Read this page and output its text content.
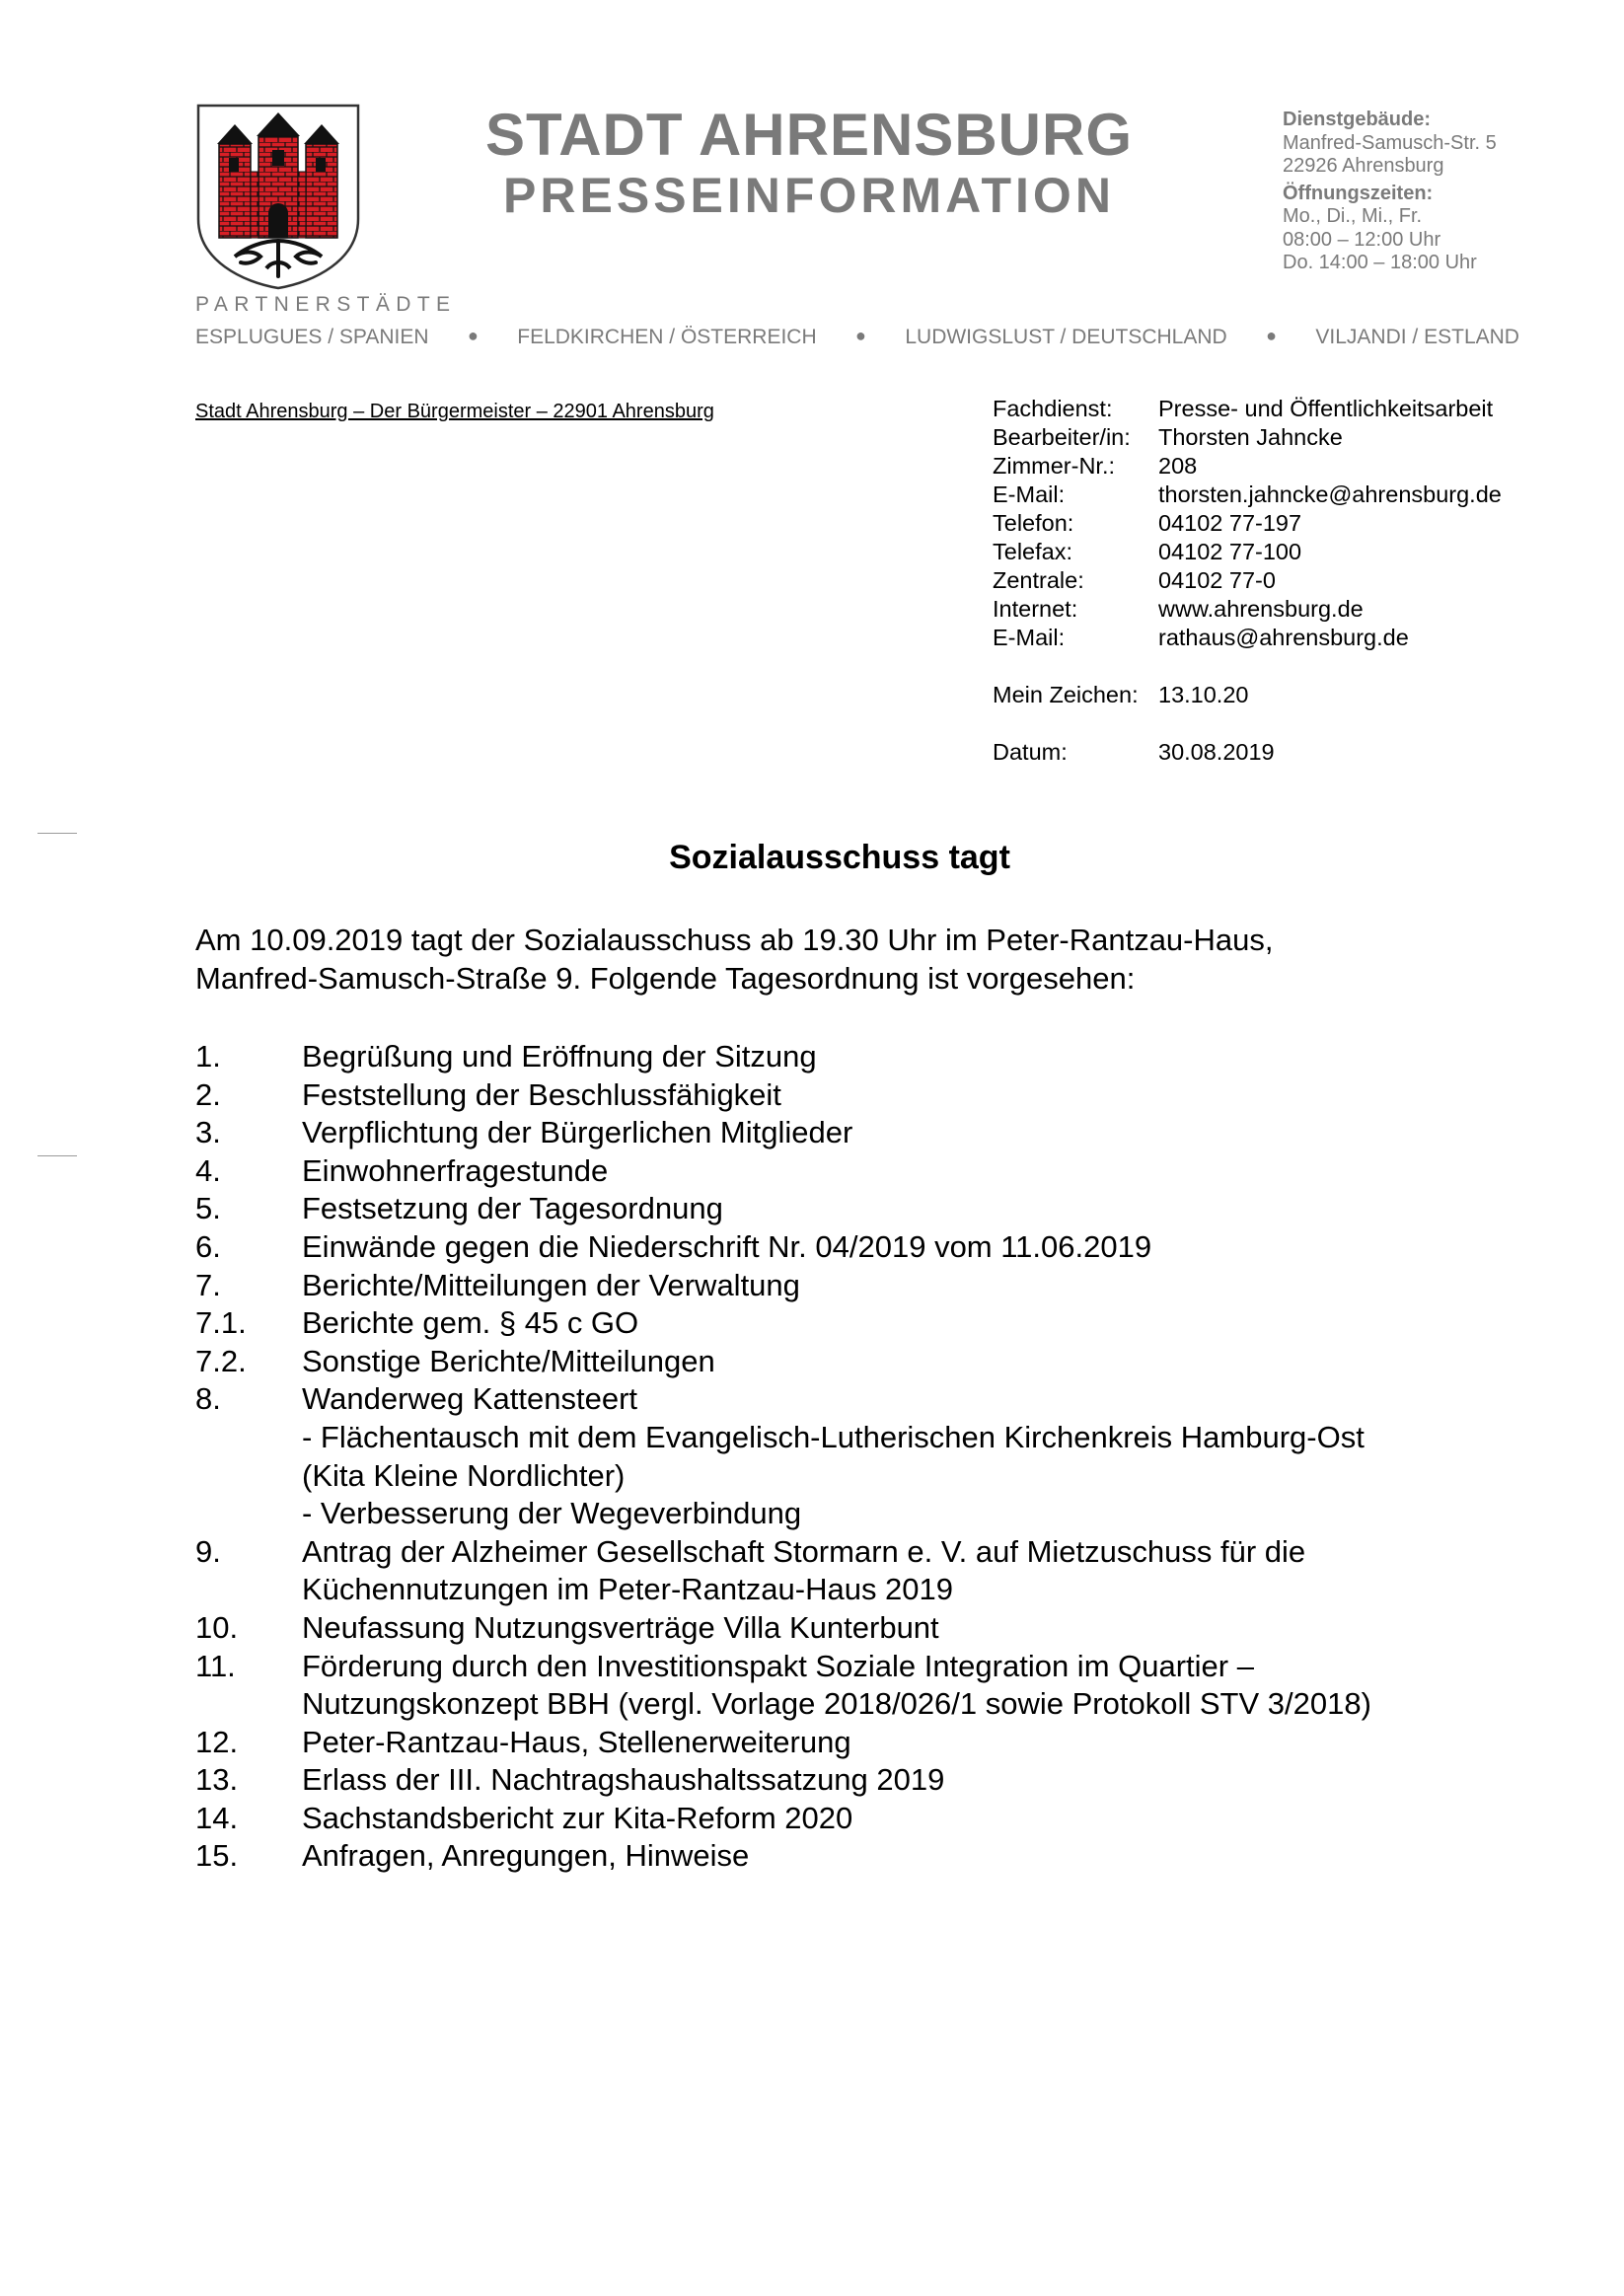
STADT AHRENSBURG
PRESSEINFORMATION
Dienstgebäude:
Manfred-Samusch-Str. 5
22926 Ahrensburg
Öffnungszeiten:
Mo., Di., Mi., Fr.
08:00 – 12:00 Uhr
Do. 14:00 – 18:00 Uhr
PARTNERSTÄDTE
ESPLUGUES / SPANIEN ● FELDKIRCHEN / ÖSTERREICH ● LUDWIGSLUST / DEUTSCHLAND ● VILJANDI / ESTLAND
Stadt Ahrensburg – Der Bürgermeister – 22901 Ahrensburg	Fachdienst:	Presse- und Öffentlichkeitsarbeit
Bearbeiter/in:	Thorsten Jahncke
Zimmer-Nr.:	208
E-Mail:	thorsten.jahncke@ahrensburg.de
Telefon:	04102 77-197
Telefax:	04102 77-100
Zentrale:	04102 77-0
Internet:	www.ahrensburg.de
E-Mail:	rathaus@ahrensburg.de
Mein Zeichen:	13.10.20
Datum:	30.08.2019
Sozialausschuss tagt
Am 10.09.2019 tagt der Sozialausschuss ab 19.30 Uhr im Peter-Rantzau-Haus,
Manfred-Samusch-Straße 9. Folgende Tagesordnung ist vorgesehen:
1.	Begrüßung und Eröffnung der Sitzung
2.	Feststellung der Beschlussfähigkeit
3.	Verpflichtung der Bürgerlichen Mitglieder
4.	Einwohnerfragestunde
5.	Festsetzung der Tagesordnung
6.	Einwände gegen die Niederschrift Nr. 04/2019 vom 11.06.2019
7.	Berichte/Mitteilungen der Verwaltung
7.1.	Berichte gem. § 45 c GO
7.2.	Sonstige Berichte/Mitteilungen
8.	Wanderweg Kattensteert
- Flächentausch mit dem Evangelisch-Lutherischen Kirchenkreis Hamburg-Ost
(Kita Kleine Nordlichter)
- Verbesserung der Wegeverbindung
9.	Antrag der Alzheimer Gesellschaft Stormarn e. V. auf Mietzuschuss für die
Küchennutzungen im Peter-Rantzau-Haus 2019
10.	Neufassung Nutzungsverträge Villa Kunterbunt
11.	Förderung durch den Investitionspakt Soziale Integration im Quartier –
Nutzungskonzept BBH (vergl. Vorlage 2018/026/1 sowie Protokoll STV 3/2018)
12.	Peter-Rantzau-Haus, Stellenerweiterung
13.	Erlass der III. Nachtragshaushaltssatzung 2019
14.	Sachstandsbericht zur Kita-Reform 2020
15.	Anfragen, Anregungen, Hinweise
